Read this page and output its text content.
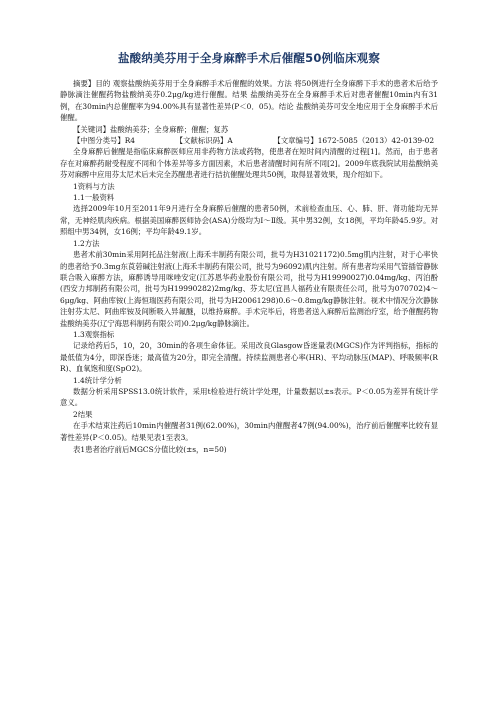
盐酸纳美芬用于全身麻醉手术后催醒50例临床观察

摘要】目的 观察盐酸纳美芬用于全身麻醉手术后催醒的效果。方法 将50例进行全身麻醉下手术的患者术后给予静脉滴注催醒药物盐酸纳美芬0.2μg/kg进行催醒。结果 盐酸纳美芬在全身麻醉手术后对患者催醒10min内有31例，在30min内总催醒率为94.00%具有显著性差异(P＜0．05)。结论 盐酸纳美芬可安全地应用于全身麻醉手术后催醒。

【关键词】盐酸纳美芬；全身麻醉；催醒；复苏

【中图分类号】R4　　　　　　【文献标识码】A　　　　　　【文章编号】1672-5085（2013）42-0139-02

全身麻醉后催醒是指临床麻醉医师应用非药物方法或药物，使患者在短时间内清醒的过程[1]。然而，由于患者存在对麻醉药耐受程度不同和个体差异等多方面因素，术后患者清醒时间有所不同[2]。2009年底我院试用盐酸纳美芬对麻醉中应用芬太尼术后未完全苏醒患者进行拮抗催醒处理共50例，取得显著效果，现介绍如下。

1资料与方法

1.1一般资料

选择2009年10月至2011年9月进行全身麻醉后催醒的患者50例，术前检查血压、心、肺、肝、肾功能均无异常，无神经肌肉疾病。根据美国麻醉医师协会(ASA)分级均为Ⅰ～Ⅱ级。其中男32例，女18例，平均年龄45.9岁。对照组中男34例，女16例；平均年龄49.1岁。

1.2方法

患者术前30min采用阿托品注射液(上海禾丰制药有限公司，批号为H31021172)0.5mg肌内注射，对于心率快的患者给予0.3mg东莨菪碱注射液(上海禾丰制药有限公司，批号为96092)肌内注射。所有患者均采用气管插管静脉联合吸入麻醉方法，麻醉诱导用咪唑安定(江苏恩华药业股份有限公司，批号为H19990027)0.04mg/kg、丙泊酚(西安力邦制药有限公司，批号为H19990282)2mg/kg、芬太尼(宜昌人福药业有限责任公司，批号为070702)4～6μg/kg、阿曲库铵(上海恒瑞医药有限公司，批号为H20061298)0.6～0.8mg/kg静脉注射。视术中情况分次静脉注射芬太尼、阿曲库铵及间断吸入异氟醚，以维持麻醉。手术完毕后，将患者送入麻醉后监测治疗室，给予催醒药物盐酸纳美芬(辽宁海思科制药有限公司)0.2μg/kg静脉滴注。

1.3观察指标

记录给药后5，10，20，30min的各项生命体征。采用改良Glasgow昏迷量表(MGCS)作为评判指标，指标的最低值为4分，即深昏迷；最高值为20分，即完全清醒。持续监测患者心率(HR)、平均动脉压(MAP)、呼吸频率(RR)、血氧饱和度(SpO2)。

1.4统计学分析

数据分析采用SPSS13.0统计软件，采用t检验进行统计学处理，计量数据以±s表示。P＜0.05为差异有统计学意义。

2结果

在手术结束注药后10min内催醒者31例(62.00%)，30min内催醒者47例(94.00%)，治疗前后催醒率比较有显著性差异(P＜0.05)。结果见表1至表3。

表1患者治疗前后MGCS分值比较(±s，n=50)
